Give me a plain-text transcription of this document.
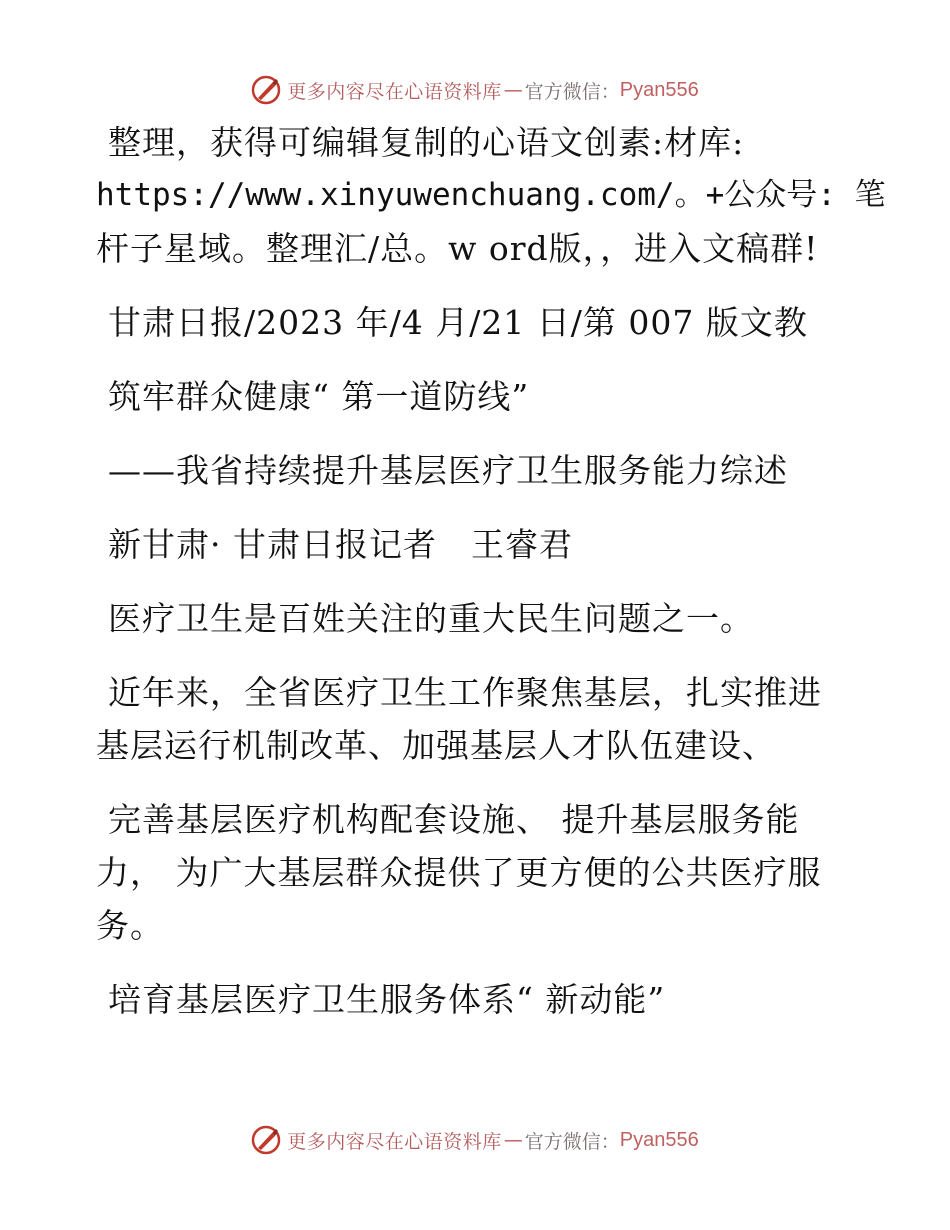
更多内容尽在心语资料库 — 官方微信： Pyan556
整理，获得可编辑复制的心语文创素:材库:
https://www.xinyuwenchuang.com/。+公众号: 笔
杆子星域。整理汇/总。w ord版，，进入文稿群!
甘肃日报/2023 年/4 月/21 日/第 007 版文教
筑牢群众健康“ 第一道防线”
——我省持续提升基层医疗卫生服务能力综述
新甘肃· 甘肃日报记者　王睿君
医疗卫生是百姓关注的重大民生问题之一。
近年来，全省医疗卫生工作聚焦基层，扎实推进
基层运行机制改革、加强基层人才队伍建设、
完善基层医疗机构配套设施、 提升基层服务能
力， 为广大基层群众提供了更方便的公共医疗服
务。
培育基层医疗卫生服务体系“ 新动能”
更多内容尽在心语资料库 — 官方微信： Pyan556
